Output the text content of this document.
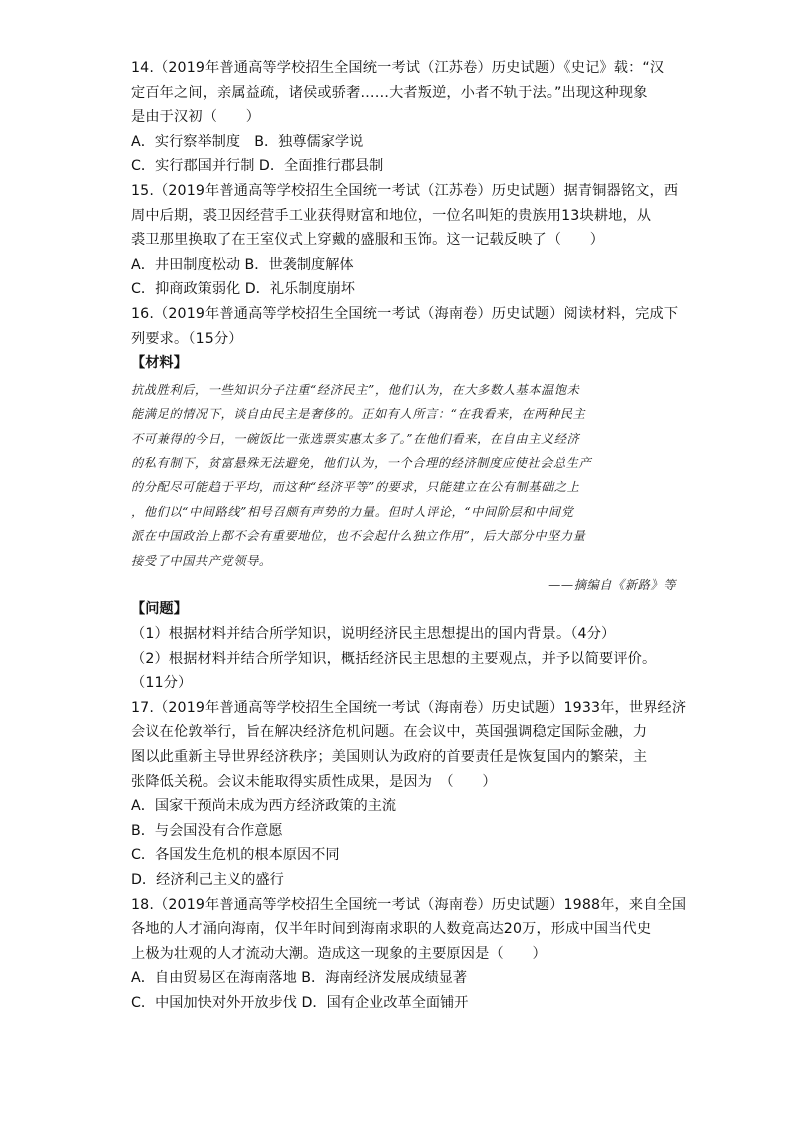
14.（2019年普通高等学校招生全国统一考试（江苏卷）历史试题）《史记》载：“汉
定百年之间，亲属益疏，诸侯或骄奢……大者叛逆，小者不轨于法。”出现这种现象
是由于汉初（　　）
A．实行察举制度　B．独尊儒家学说
C．实行郡国并行制 D．全面推行郡县制
15.（2019年普通高等学校招生全国统一考试（江苏卷）历史试题）据青铜器铭文，西
周中后期，裘卫因经营手工业获得财富和地位，一位名叫矩的贵族用13块耕地，从
裘卫那里换取了在王室仪式上穿戴的盛服和玉饰。这一记载反映了（　　）
A．井田制度松动 B．世袭制度解体
C．抑商政策弱化 D．礼乐制度崩坏
16.（2019年普通高等学校招生全国统一考试（海南卷）历史试题）阅读材料，完成下
列要求。（15分）
【材料】
抗战胜利后，一些知识分子注重“经济民主”，他们认为，在大多数人基本温饱未
能满足的情况下，谈自由民主是奢侈的。正如有人所言：“在我看来，在两种民主
不可兼得的今日，一碗饭比一张选票实惠太多了。”在他们看来，在自由主义经济
的私有制下，贫富悬殊无法避免，他们认为，一个合理的经济制度应使社会总生产
的分配尽可能趋于平均，而这种“经济平等”的要求，只能建立在公有制基础之上
，他们以“中间路线”相号召颇有声势的力量。但时人评论，“中间阶层和中间党
派在中国政治上都不会有重要地位，也不会起什么独立作用”，后大部分中坚力量
接受了中国共产党领导。
——摘编自《新路》等
【问题】
（1）根据材料并结合所学知识，说明经济民主思想提出的国内背景。（4分）
（2）根据材料并结合所学知识，概括经济民主思想的主要观点，并予以简要评价。
（11分）
17.（2019年普通高等学校招生全国统一考试（海南卷）历史试题）1933年，世界经济
会议在伦敦举行，旨在解决经济危机问题。在会议中，英国强调稳定国际金融，力
图以此重新主导世界经济秩序；美国则认为政府的首要责任是恢复国内的繁荣，主
张降低关税。会议未能取得实质性成果，是因为　（　　）
A．国家干预尚未成为西方经济政策的主流
B．与会国没有合作意愿
C．各国发生危机的根本原因不同
D．经济利己主义的盛行
18.（2019年普通高等学校招生全国统一考试（海南卷）历史试题）1988年，来自全国
各地的人才涌向海南，仅半年时间到海南求职的人数竟高达20万，形成中国当代史
上极为壮观的人才流动大潮。造成这一现象的主要原因是（　　）
A．自由贸易区在海南落地 B．海南经济发展成绩显著
C．中国加快对外开放步伐 D．国有企业改革全面铺开
